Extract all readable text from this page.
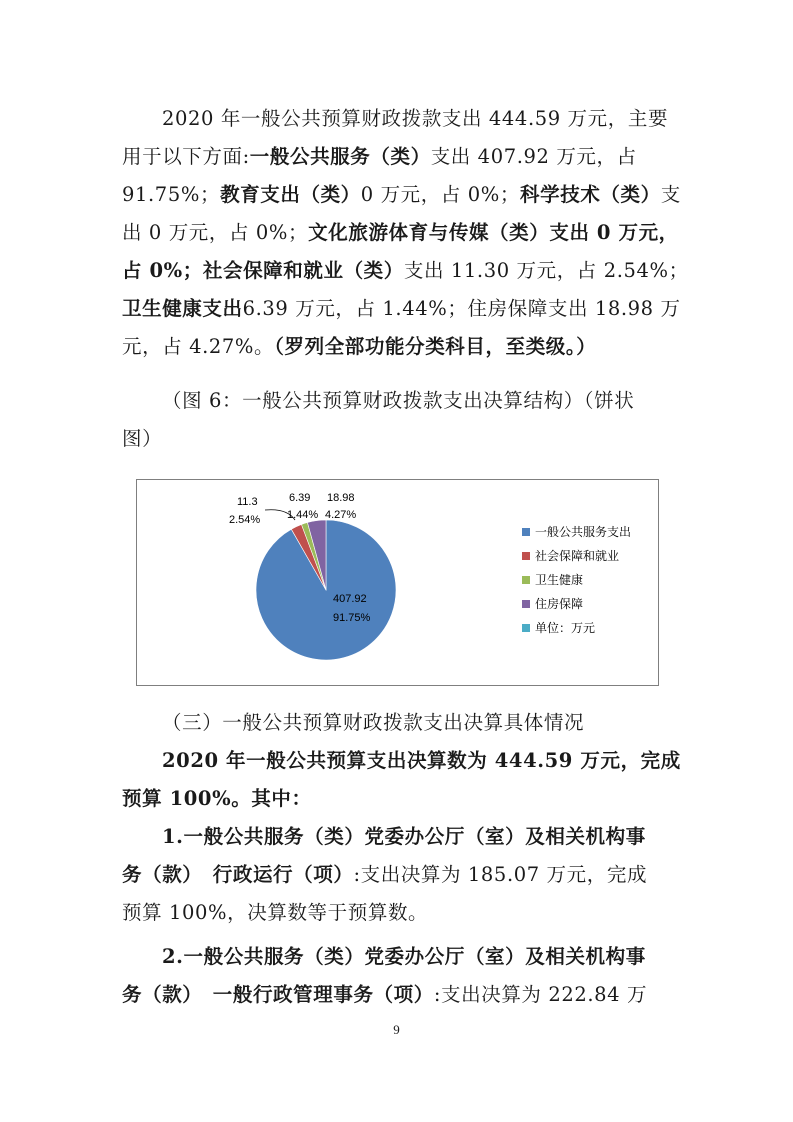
2020 年一般公共预算财政拨款支出 444.59 万元，主要
用于以下方面:一般公共服务（类）支出 407.92 万元，占
91.75%；教育支出（类）0 万元，占 0%；科学技术（类）支
出 0 万元，占 0%；文化旅游体育与传媒（类）支出 0 万元，
占 0%；社会保障和就业（类）支出 11.30 万元，占 2.54%；
卫生健康支出6.39 万元，占 1.44%；住房保障支出 18.98 万
元，占 4.27%。（罗列全部功能分类科目，至类级。）
（图 6：一般公共预算财政拨款支出决算结构）（饼状
图）
407.92
91.75%
11.3
2.54%
6.39
1.44%
18.98
4.27%
一般公共服务支出
社会保障和就业
卫生健康
住房保障
单位：万元
（三）一般公共预算财政拨款支出决算具体情况
2020 年一般公共预算支出决算数为 444.59 万元，完成
预算 100%。其中：
1.一般公共服务（类）党委办公厅（室）及相关机构事
务（款）　行政运行（项）:支出决算为 185.07 万元，完成
预算 100%，决算数等于预算数。
2.一般公共服务（类）党委办公厅（室）及相关机构事
务（款）　一般行政管理事务（项）:支出决算为 222.84 万
9
